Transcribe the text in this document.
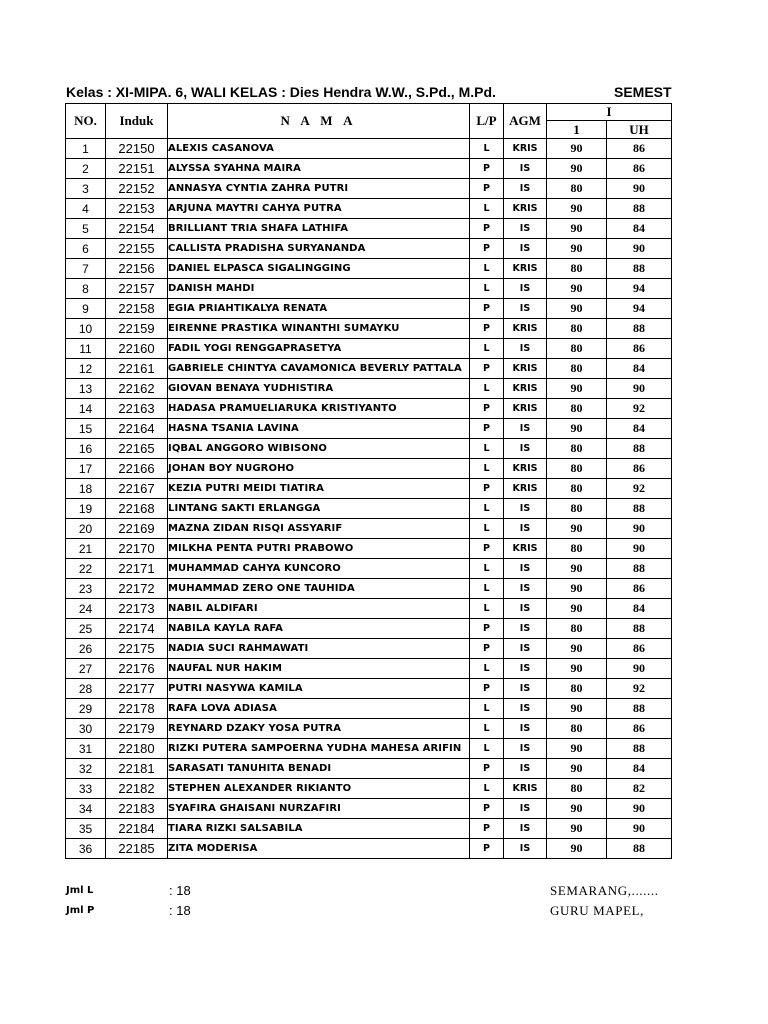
Kelas : XI-MIPA. 6, WALI KELAS : Dies Hendra W.W., S.Pd., M.Pd.	SEMEST
NO.	Induk	N A M A	L/P	AGM	I	
					1	UH
1	22150	ALEXIS CASANOVA	L	KRIS	90	86
2	22151	ALYSSA SYAHNA MAIRA	P	IS	90	86
3	22152	ANNASYA CYNTIA ZAHRA PUTRI	P	IS	80	90
4	22153	ARJUNA MAYTRI CAHYA PUTRA	L	KRIS	90	88
5	22154	BRILLIANT TRIA SHAFA LATHIFA	P	IS	90	84
6	22155	CALLISTA PRADISHA SURYANANDA	P	IS	90	90
7	22156	DANIEL ELPASCA SIGALINGGING	L	KRIS	80	88
8	22157	DANISH MAHDI	L	IS	90	94
9	22158	EGIA PRIAHTIKALYA RENATA	P	IS	90	94
10	22159	EIRENNE PRASTIKA WINANTHI SUMAYKU	P	KRIS	80	88
11	22160	FADIL YOGI RENGGAPRASETYA	L	IS	80	86
12	22161	GABRIELE CHINTYA CAVAMONICA BEVERLY PATTALA	P	KRIS	80	84
13	22162	GIOVAN BENAYA YUDHISTIRA	L	KRIS	90	90
14	22163	HADASA PRAMUELIARUKA KRISTIYANTO	P	KRIS	80	92
15	22164	HASNA TSANIA LAVINA	P	IS	90	84
16	22165	IQBAL ANGGORO WIBISONO	L	IS	80	88
17	22166	JOHAN BOY NUGROHO	L	KRIS	80	86
18	22167	KEZIA PUTRI MEIDI TIATIRA	P	KRIS	80	92
19	22168	LINTANG SAKTI ERLANGGA	L	IS	80	88
20	22169	MAZNA ZIDAN RISQI ASSYARIF	L	IS	90	90
21	22170	MILKHA PENTA PUTRI PRABOWO	P	KRIS	80	90
22	22171	MUHAMMAD CAHYA KUNCORO	L	IS	90	88
23	22172	MUHAMMAD ZERO ONE TAUHIDA	L	IS	90	86
24	22173	NABIL ALDIFARI	L	IS	90	84
25	22174	NABILA KAYLA RAFA	P	IS	80	88
26	22175	NADIA SUCI RAHMAWATI	P	IS	90	86
27	22176	NAUFAL NUR HAKIM	L	IS	90	90
28	22177	PUTRI NASYWA KAMILA	P	IS	80	92
29	22178	RAFA LOVA ADIASA	L	IS	90	88
30	22179	REYNARD DZAKY YOSA PUTRA	L	IS	80	86
31	22180	RIZKI PUTERA SAMPOERNA YUDHA MAHESA ARIFIN	L	IS	90	88
32	22181	SARASATI TANUHITA BENADI	P	IS	90	84
33	22182	STEPHEN ALEXANDER RIKIANTO	L	KRIS	80	82
34	22183	SYAFIRA GHAISANI NURZAFIRI	P	IS	90	90
35	22184	TIARA RIZKI SALSABILA	P	IS	90	90
36	22185	ZITA MODERISA	P	IS	90	88
Jml L	: 18
Jml P	: 18
SEMARANG,.......
GURU MAPEL,
